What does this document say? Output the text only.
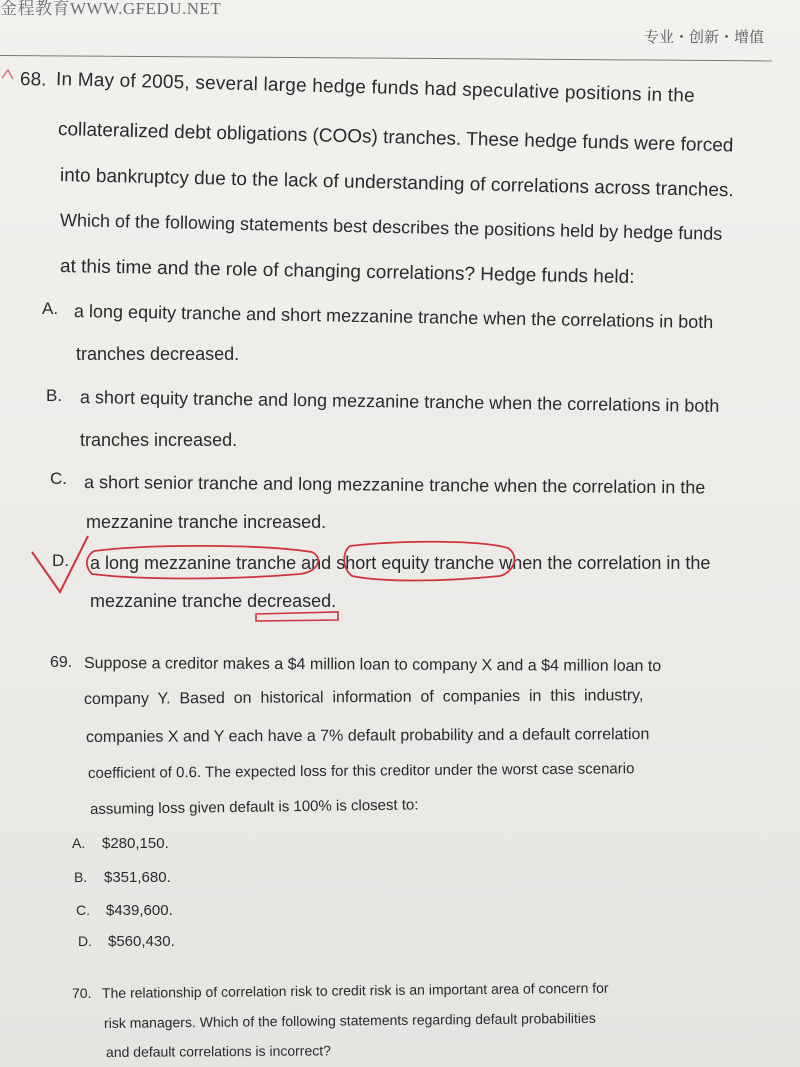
金程教育WWW.GFEDU.NET
专业・创新・增值
68. In May of 2005, several large hedge funds had speculative positions in the
collateralized debt obligations (COOs) tranches. These hedge funds were forced
into bankruptcy due to the lack of understanding of correlations across tranches.
Which of the following statements best describes the positions held by hedge funds
at this time and the role of changing correlations? Hedge funds held:
A. a long equity tranche and short mezzanine tranche when the correlations in both
tranches decreased.
B. a short equity tranche and long mezzanine tranche when the correlations in both
tranches increased.
C. a short senior tranche and long mezzanine tranche when the correlation in the
mezzanine tranche increased.
D. a long mezzanine tranche and short equity tranche when the correlation in the
mezzanine tranche decreased.
69. Suppose a creditor makes a $4 million loan to company X and a $4 million loan to
company  Y.  Based  on  historical  information  of  companies  in  this  industry,
companies X and Y each have a 7% default probability and a default correlation
coefficient of 0.6. The expected loss for this creditor under the worst case scenario
assuming loss given default is 100% is closest to:
A. $280,150.
B. $351,680.
C. $439,600.
D. $560,430.
70. The relationship of correlation risk to credit risk is an important area of concern for
risk managers. Which of the following statements regarding default probabilities
and default correlations is incorrect?
